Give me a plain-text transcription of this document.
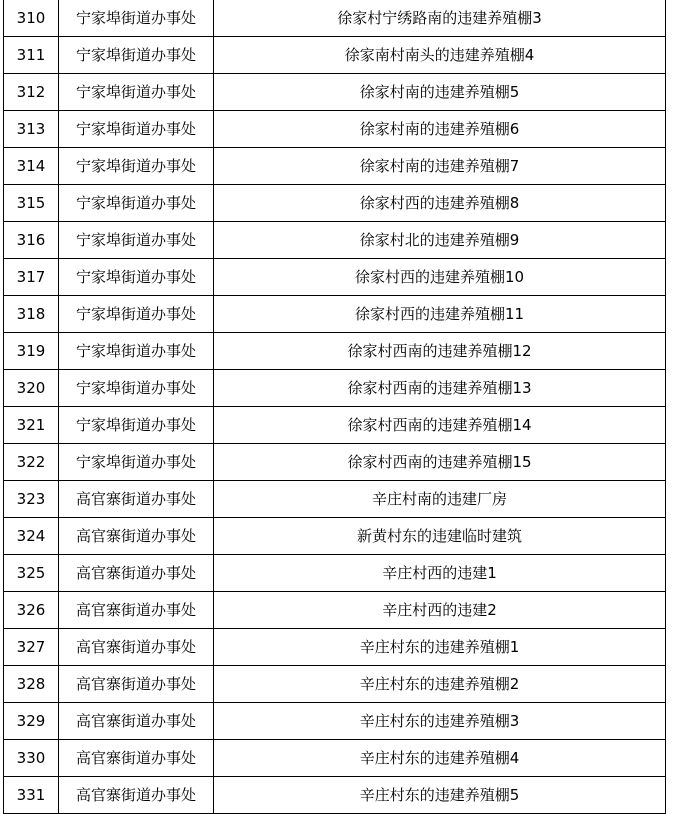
310	宁家埠街道办事处	徐家村宁绣路南的违建养殖棚3
311	宁家埠街道办事处	徐家南村南头的违建养殖棚4
312	宁家埠街道办事处	徐家村南的违建养殖棚5
313	宁家埠街道办事处	徐家村南的违建养殖棚6
314	宁家埠街道办事处	徐家村南的违建养殖棚7
315	宁家埠街道办事处	徐家村西的违建养殖棚8
316	宁家埠街道办事处	徐家村北的违建养殖棚9
317	宁家埠街道办事处	徐家村西的违建养殖棚10
318	宁家埠街道办事处	徐家村西的违建养殖棚11
319	宁家埠街道办事处	徐家村西南的违建养殖棚12
320	宁家埠街道办事处	徐家村西南的违建养殖棚13
321	宁家埠街道办事处	徐家村西南的违建养殖棚14
322	宁家埠街道办事处	徐家村西南的违建养殖棚15
323	高官寨街道办事处	辛庄村南的违建厂房
324	高官寨街道办事处	新黄村东的违建临时建筑
325	高官寨街道办事处	辛庄村西的违建1
326	高官寨街道办事处	辛庄村西的违建2
327	高官寨街道办事处	辛庄村东的违建养殖棚1
328	高官寨街道办事处	辛庄村东的违建养殖棚2
329	高官寨街道办事处	辛庄村东的违建养殖棚3
330	高官寨街道办事处	辛庄村东的违建养殖棚4
331	高官寨街道办事处	辛庄村东的违建养殖棚5
